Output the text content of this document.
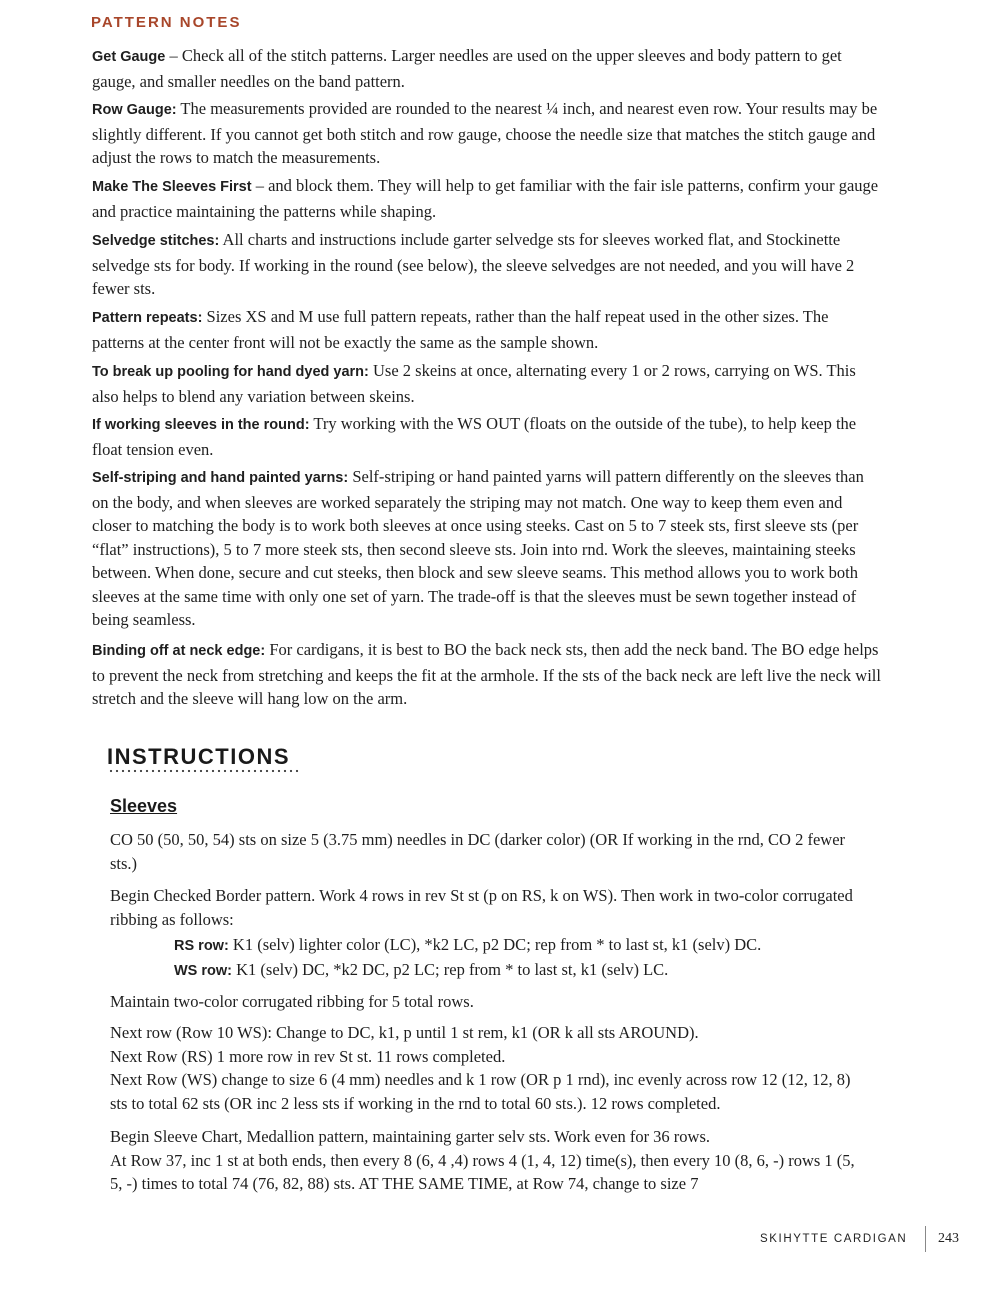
PATTERN NOTES
Get Gauge – Check all of the stitch patterns. Larger needles are used on the upper sleeves and body pattern to get gauge, and smaller needles on the band pattern.
Row Gauge: The measurements provided are rounded to the nearest ¼ inch, and nearest even row. Your results may be slightly different. If you cannot get both stitch and row gauge, choose the needle size that matches the stitch gauge and adjust the rows to match the measurements.
Make The Sleeves First – and block them. They will help to get familiar with the fair isle patterns, confirm your gauge and practice maintaining the patterns while shaping.
Selvedge stitches: All charts and instructions include garter selvedge sts for sleeves worked flat, and Stockinette selvedge sts for body. If working in the round (see below), the sleeve selvedges are not needed, and you will have 2 fewer sts.
Pattern repeats: Sizes XS and M use full pattern repeats, rather than the half repeat used in the other sizes. The patterns at the center front will not be exactly the same as the sample shown.
To break up pooling for hand dyed yarn: Use 2 skeins at once, alternating every 1 or 2 rows, carrying on WS. This also helps to blend any variation between skeins.
If working sleeves in the round: Try working with the WS OUT (floats on the outside of the tube), to help keep the float tension even.
Self-striping and hand painted yarns: Self-striping or hand painted yarns will pattern differently on the sleeves than on the body, and when sleeves are worked separately the striping may not match. One way to keep them even and closer to matching the body is to work both sleeves at once using steeks. Cast on 5 to 7 steek sts, first sleeve sts (per “flat” instructions), 5 to 7 more steek sts, then second sleeve sts. Join into rnd. Work the sleeves, maintaining steeks between. When done, secure and cut steeks, then block and sew sleeve seams. This method allows you to work both sleeves at the same time with only one set of yarn. The trade-off is that the sleeves must be sewn together instead of being seamless.
Binding off at neck edge: For cardigans, it is best to BO the back neck sts, then add the neck band. The BO edge helps to prevent the neck from stretching and keeps the fit at the armhole. If the sts of the back neck are left live the neck will stretch and the sleeve will hang low on the arm.
INSTRUCTIONS
Sleeves
CO 50 (50, 50, 54) sts on size 5 (3.75 mm) needles in DC (darker color) (OR If working in the rnd, CO 2 fewer sts.)
Begin Checked Border pattern. Work 4 rows in rev St st (p on RS, k on WS). Then work in two-color corrugated ribbing as follows:
RS row: K1 (selv) lighter color (LC), *k2 LC, p2 DC; rep from * to last st, k1 (selv) DC.
WS row: K1 (selv) DC, *k2 DC, p2 LC; rep from * to last st, k1 (selv) LC.
Maintain two-color corrugated ribbing for 5 total rows.
Next row (Row 10 WS): Change to DC, k1, p until 1 st rem, k1 (OR k all sts AROUND).
Next Row (RS) 1 more row in rev St st. 11 rows completed.
Next Row (WS) change to size 6 (4 mm) needles and k 1 row (OR p 1 rnd), inc evenly across row 12 (12, 12, 8) sts to total 62 sts (OR inc 2 less sts if working in the rnd to total 60 sts.). 12 rows completed.
Begin Sleeve Chart, Medallion pattern, maintaining garter selv sts. Work even for 36 rows.
At Row 37, inc 1 st at both ends, then every 8 (6, 4 ,4) rows 4 (1, 4, 12) time(s), then every 10 (8, 6, -) rows 1 (5, 5, -) times to total 74 (76, 82, 88) sts. AT THE SAME TIME, at Row 74, change to size 7
SKIHYTTE CARDIGAN 243
